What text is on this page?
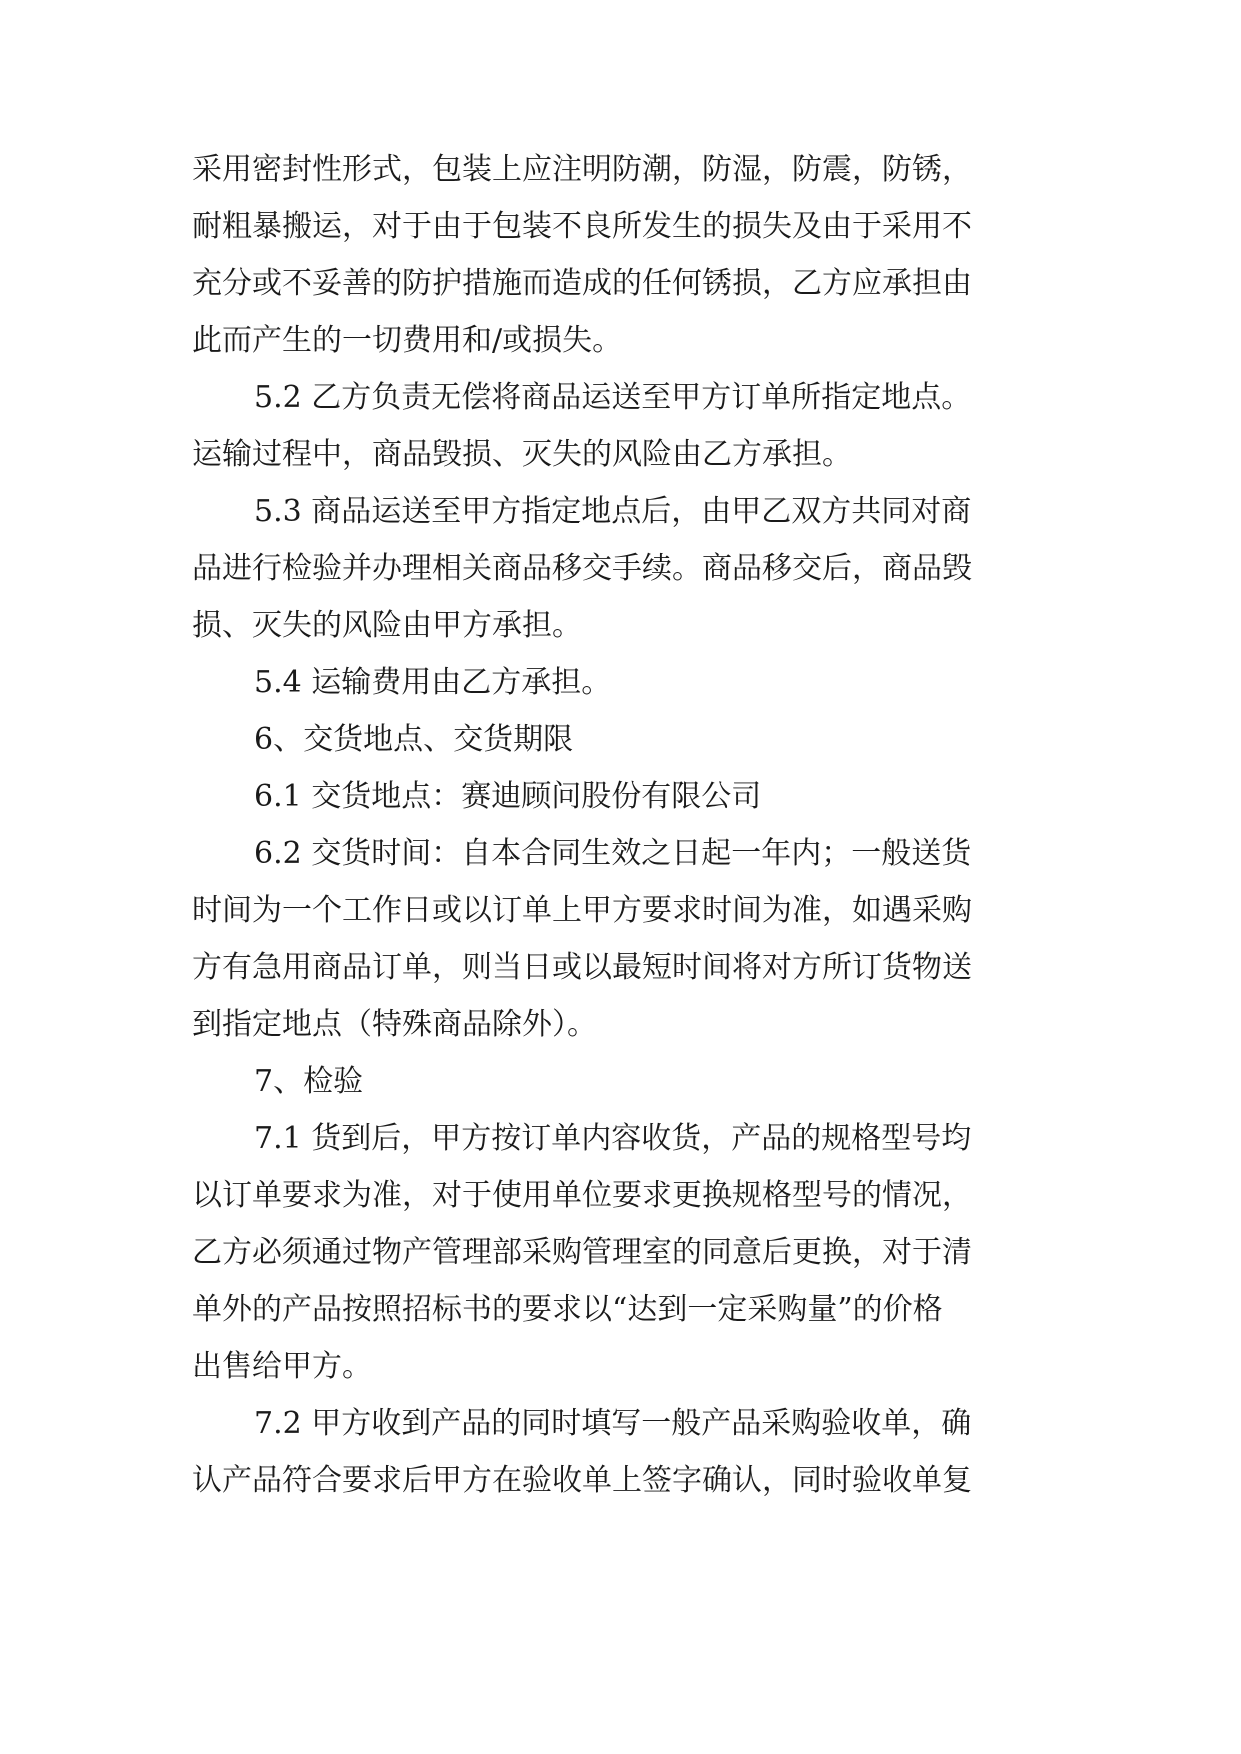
采用密封性形式，包装上应注明防潮，防湿，防震，防锈，
耐粗暴搬运，对于由于包装不良所发生的损失及由于采用不
充分或不妥善的防护措施而造成的任何锈损，乙方应承担由
此而产生的一切费用和/或损失。
5.2 乙方负责无偿将商品运送至甲方订单所指定地点。
运输过程中，商品毁损、灭失的风险由乙方承担。
5.3 商品运送至甲方指定地点后，由甲乙双方共同对商
品进行检验并办理相关商品移交手续。商品移交后，商品毁
损、灭失的风险由甲方承担。
5.4 运输费用由乙方承担。
6、交货地点、交货期限
6.1 交货地点：赛迪顾问股份有限公司
6.2 交货时间：自本合同生效之日起一年内；一般送货
时间为一个工作日或以订单上甲方要求时间为准，如遇采购
方有急用商品订单，则当日或以最短时间将对方所订货物送
到指定地点（特殊商品除外）。
7、检验
7.1 货到后，甲方按订单内容收货，产品的规格型号均
以订单要求为准，对于使用单位要求更换规格型号的情况，
乙方必须通过物产管理部采购管理室的同意后更换，对于清
单外的产品按照招标书的要求以“达到一定采购量”的价格
出售给甲方。
7.2 甲方收到产品的同时填写一般产品采购验收单，确
认产品符合要求后甲方在验收单上签字确认，同时验收单复
